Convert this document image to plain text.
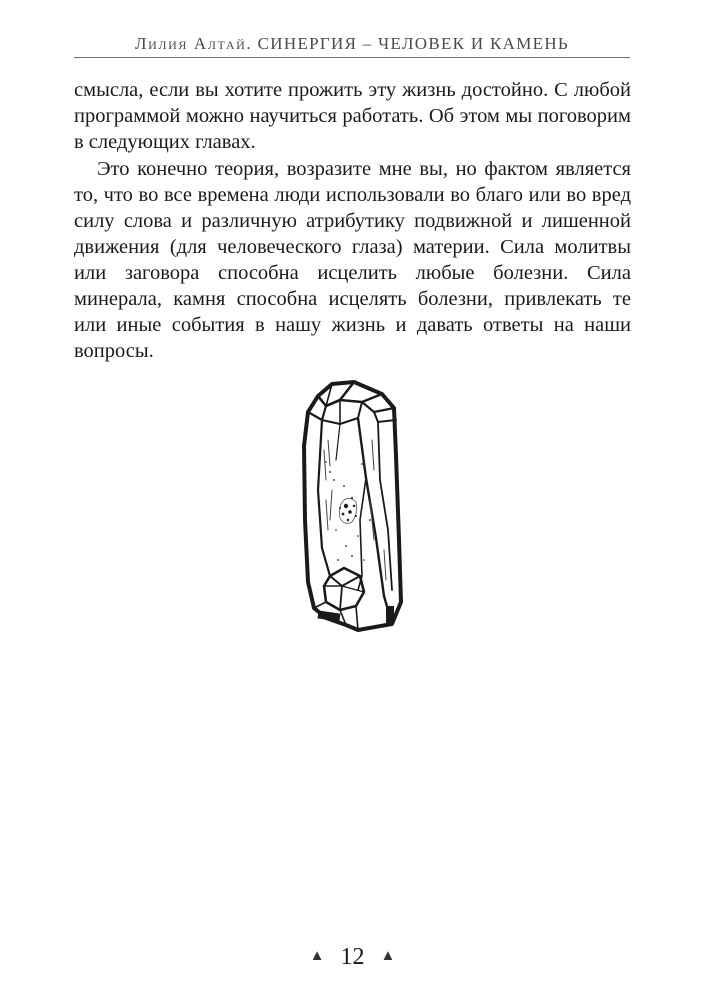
Лилия Алтай. СИНЕРГИЯ – ЧЕЛОВЕК И КАМЕНЬ

смысла, если вы хотите прожить эту жизнь достойно. С любой программой можно научиться работать. Об этом мы поговорим в следующих главах.

Это конечно теория, возразите мне вы, но фактом является то, что во все времена люди использовали во благо или во вред силу слова и различную атрибутику подвижной и лишенной движения (для человеческого глаза) материи. Сила молитвы или заговора способна исцелить любые болезни. Сила минерала, камня способна исцелять болезни, привлекать те или иные события в нашу жизнь и давать ответы на наши вопросы.

▲ 12 ▲
